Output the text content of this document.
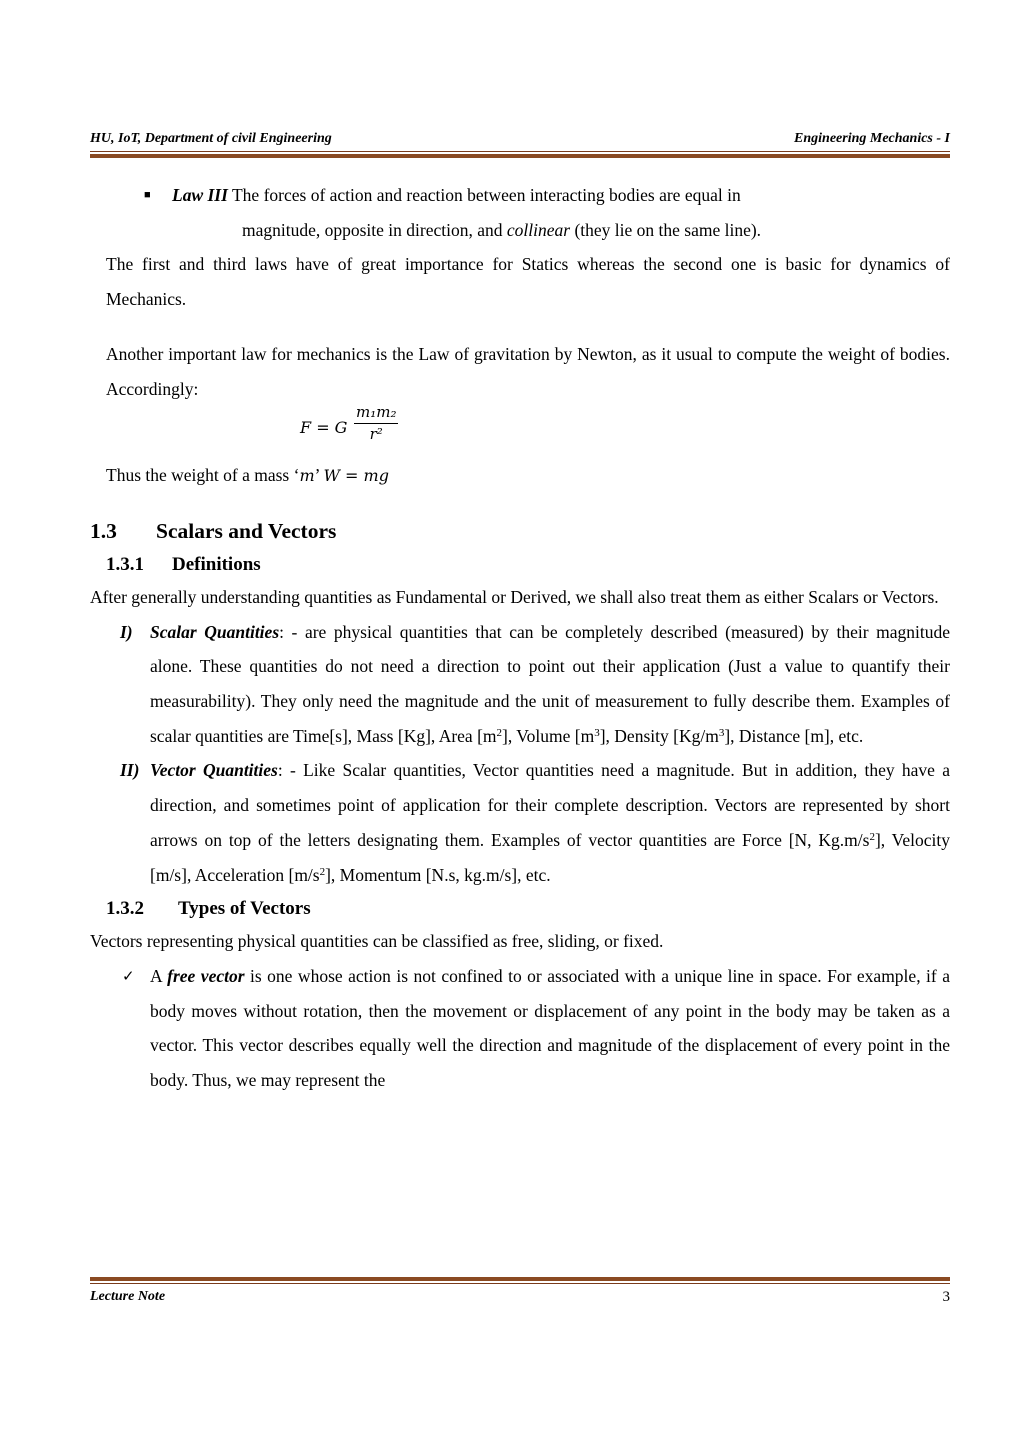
HU, IoT, Department of civil Engineering	Engineering Mechanics - I

■ Law III The forces of action and reaction between interacting bodies are equal in

magnitude, opposite in direction, and collinear (they lie on the same line).

The first and third laws have of great importance for Statics whereas the second one is basic for dynamics of Mechanics.

Another important law for mechanics is the Law of gravitation by Newton, as it usual to compute the weight of bodies. Accordingly:

F = G $\frac{\text{m₁m₂}}{\text{r²}}$

Thus the weight of a mass ‘m’ W = mg

1.3 Scalars and Vectors
1.3.1 Definitions

After generally understanding quantities as Fundamental or Derived, we shall also treat them as either Scalars or Vectors.

I) Scalar Quantities: - are physical quantities that can be completely described (measured) by their magnitude alone. These quantities do not need a direction to point out their application (Just a value to quantify their measurability). They only need the magnitude and the unit of measurement to fully describe them. Examples of scalar quantities are Time[s], Mass [Kg], Area $[m^2]$, Volume $[m^3]$, Density $[Kg/m^3]$, Distance [m], etc.

II) Vector Quantities: - Like Scalar quantities, Vector quantities need a magnitude. But in addition, they have a direction, and sometimes point of application for their complete description. Vectors are represented by short arrows on top of the letters designating them. Examples of vector quantities are Force [N, $Kg.m/s^2$], Velocity [m/s], Acceleration $[m/s^2]$, Momentum [N.s, kg.m/s], etc.

1.3.2 Types of Vectors

Vectors representing physical quantities can be classified as free, sliding, or fixed.

✓ A free vector is one whose action is not confined to or associated with a unique line in space. For example, if a body moves without rotation, then the movement or displacement of any point in the body may be taken as a vector. This vector describes equally well the direction and magnitude of the displacement of every point in the body. Thus, we may represent the

Lecture Note	3
